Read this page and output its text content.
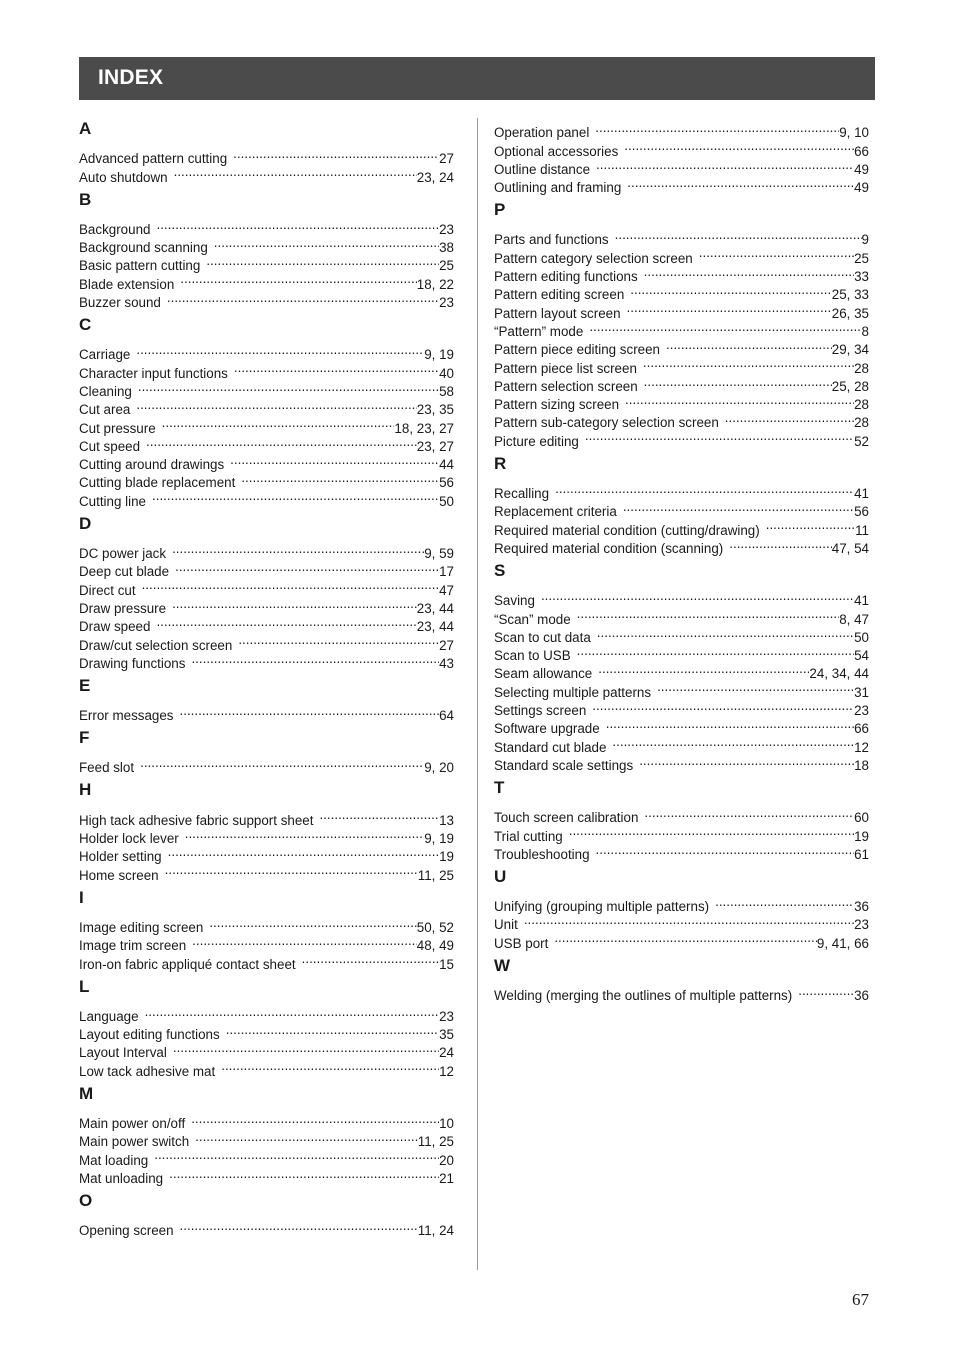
INDEX
A
Advanced pattern cutting .....	27
Auto shutdown .....	23, 24
B
Background .....	23
Background scanning .....	38
Basic pattern cutting .....	25
Blade extension .....	18, 22
Buzzer sound .....	23
C
Carriage .....	9, 19
Character input functions .....	40
Cleaning .....	58
Cut area .....	23, 35
Cut pressure .....	18, 23, 27
Cut speed .....	23, 27
Cutting around drawings .....	44
Cutting blade replacement .....	56
Cutting line .....	50
D
DC power jack .....	9, 59
Deep cut blade .....	17
Direct cut .....	47
Draw pressure .....	23, 44
Draw speed .....	23, 44
Draw/cut selection screen .....	27
Drawing functions .....	43
E
Error messages .....	64
F
Feed slot .....	9, 20
H
High tack adhesive fabric support sheet .....	13
Holder lock lever .....	9, 19
Holder setting .....	19
Home screen .....	11, 25
I
Image editing screen .....	50, 52
Image trim screen .....	48, 49
Iron-on fabric appliqué contact sheet .....	15
L
Language .....	23
Layout editing functions .....	35
Layout Interval .....	24
Low tack adhesive mat .....	12
M
Main power on/off .....	10
Main power switch .....	11, 25
Mat loading .....	20
Mat unloading .....	21
O
Opening screen .....	11, 24
Operation panel .....	9, 10
Optional accessories .....	66
Outline distance .....	49
Outlining and framing .....	49
P
Parts and functions .....	9
Pattern category selection screen .....	25
Pattern editing functions .....	33
Pattern editing screen .....	25, 33
Pattern layout screen .....	26, 35
“Pattern” mode .....	8
Pattern piece editing screen .....	29, 34
Pattern piece list screen .....	28
Pattern selection screen .....	25, 28
Pattern sizing screen .....	28
Pattern sub-category selection screen .....	28
Picture editing .....	52
R
Recalling .....	41
Replacement criteria .....	56
Required material condition (cutting/drawing) .....	11
Required material condition (scanning) .....	47, 54
S
Saving .....	41
“Scan” mode .....	8, 47
Scan to cut data .....	50
Scan to USB .....	54
Seam allowance .....	24, 34, 44
Selecting multiple patterns .....	31
Settings screen .....	23
Software upgrade .....	66
Standard cut blade .....	12
Standard scale settings .....	18
T
Touch screen calibration .....	60
Trial cutting .....	19
Troubleshooting .....	61
U
Unifying (grouping multiple patterns) .....	36
Unit .....	23
USB port .....	9, 41, 66
W
Welding (merging the outlines of multiple patterns) .....	36
67
